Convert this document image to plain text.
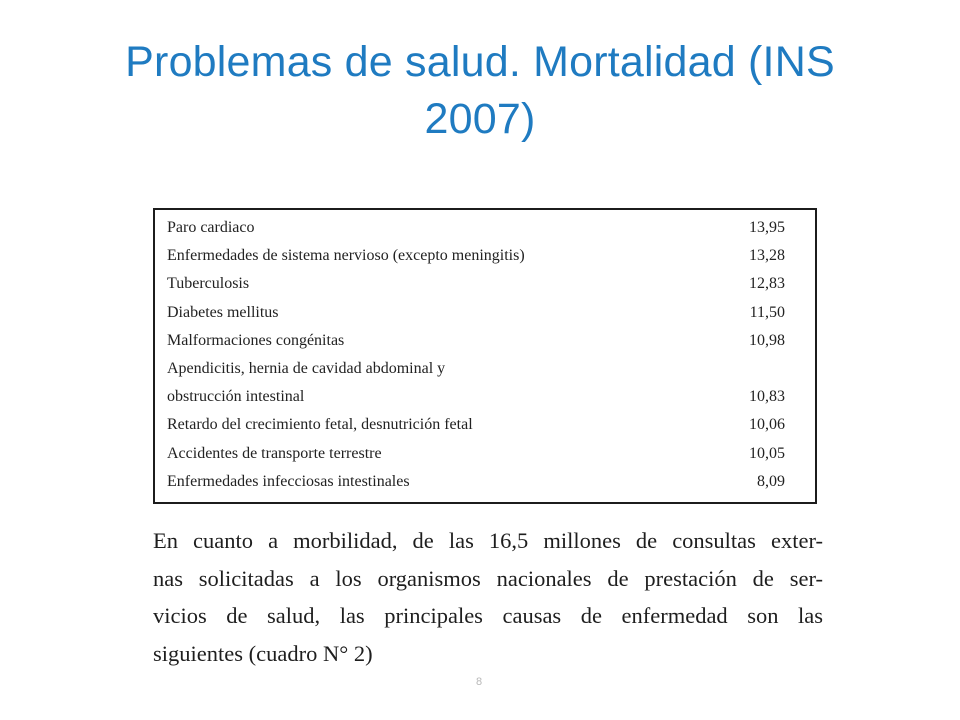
Problemas de salud. Mortalidad (INS
2007)
Paro cardiaco	13,95
Enfermedades de sistema nervioso (excepto meningitis)	13,28
Tuberculosis	12,83
Diabetes mellitus	11,50
Malformaciones congénitas	10,98
Apendicitis, hernia de cavidad abdominal y
obstrucción intestinal	10,83
Retardo del crecimiento fetal, desnutrición fetal	10,06
Accidentes de transporte terrestre	10,05
Enfermedades infecciosas intestinales	8,09
En cuanto a morbilidad, de las 16,5 millones de consultas exter-
nas solicitadas a los organismos nacionales de prestación de ser-
vicios de salud, las principales causas de enfermedad son las
siguientes (cuadro N° 2)
8
